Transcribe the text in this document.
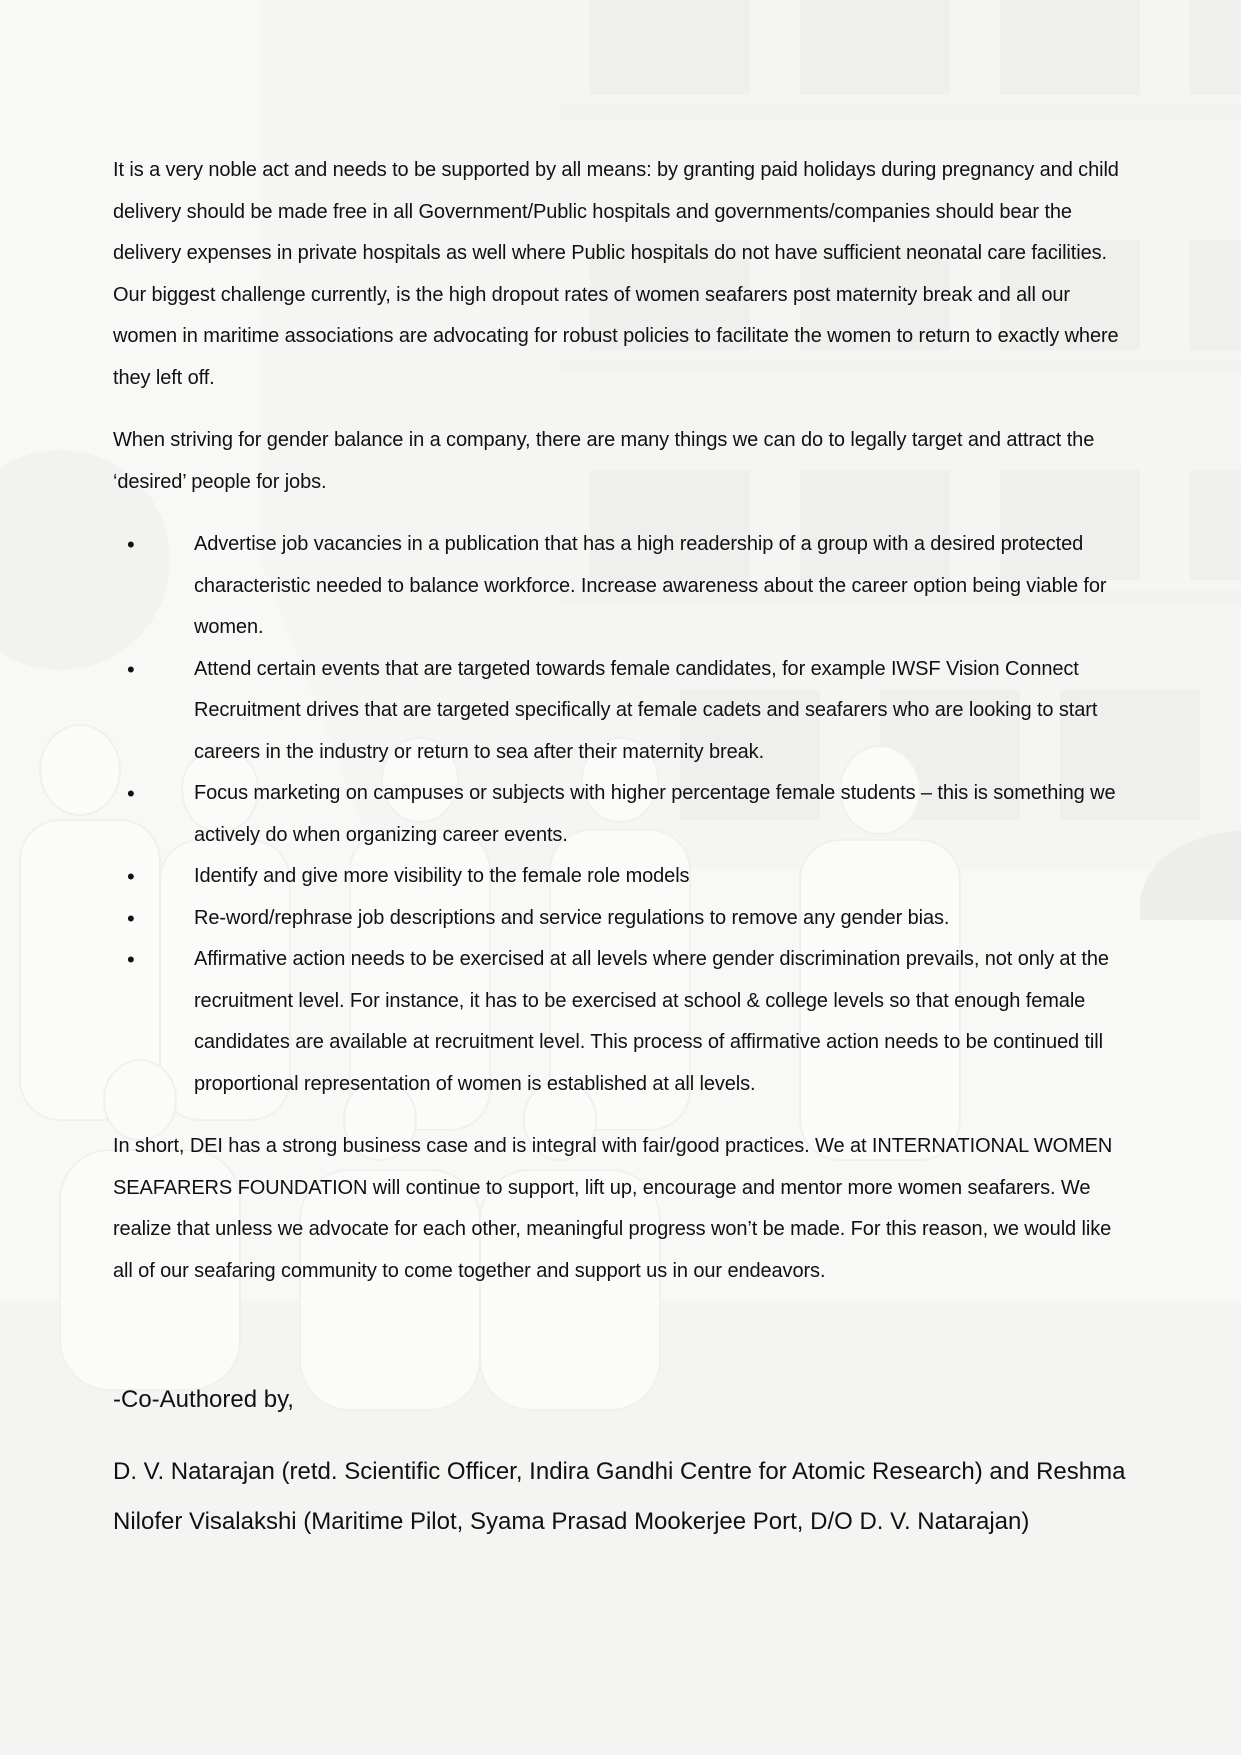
It is a very noble act and needs to be supported by all means: by granting paid holidays during pregnancy and child delivery should be made free in all Government/Public hospitals and governments/companies should bear the delivery expenses in private hospitals as well where Public hospitals do not have sufficient neonatal care facilities. Our biggest challenge currently, is the high dropout rates of women seafarers post maternity break and all our women in maritime associations are advocating for robust policies to facilitate the women to return to exactly where they left off.

When striving for gender balance in a company, there are many things we can do to legally target and attract the ‘desired’ people for jobs.

•	Advertise job vacancies in a publication that has a high readership of a group with a desired protected characteristic needed to balance workforce. Increase awareness about the career option being viable for women.
•	Attend certain events that are targeted towards female candidates, for example IWSF Vision Connect Recruitment drives that are targeted specifically at female cadets and seafarers who are looking to start careers in the industry or return to sea after their maternity break.
•	Focus marketing on campuses or subjects with higher percentage female students – this is something we actively do when organizing career events.
•	Identify and give more visibility to the female role models
•	Re-word/rephrase job descriptions and service regulations to remove any gender bias.
•	Affirmative action needs to be exercised at all levels where gender discrimination prevails, not only at the recruitment level. For instance, it has to be exercised at school & college levels so that enough female candidates are available at recruitment level. This process of affirmative action needs to be continued till proportional representation of women is established at all levels.

In short, DEI has a strong business case and is integral with fair/good practices. We at INTERNATIONAL WOMEN SEAFARERS FOUNDATION will continue to support, lift up, encourage and mentor more women seafarers. We realize that unless we advocate for each other, meaningful progress won’t be made. For this reason, we would like all of our seafaring community to come together and support us in our endeavors.

-Co-Authored by,

D. V. Natarajan (retd. Scientific Officer, Indira Gandhi Centre for Atomic Research) and Reshma Nilofer Visalakshi (Maritime Pilot, Syama Prasad Mookerjee Port, D/O D. V. Natarajan)
